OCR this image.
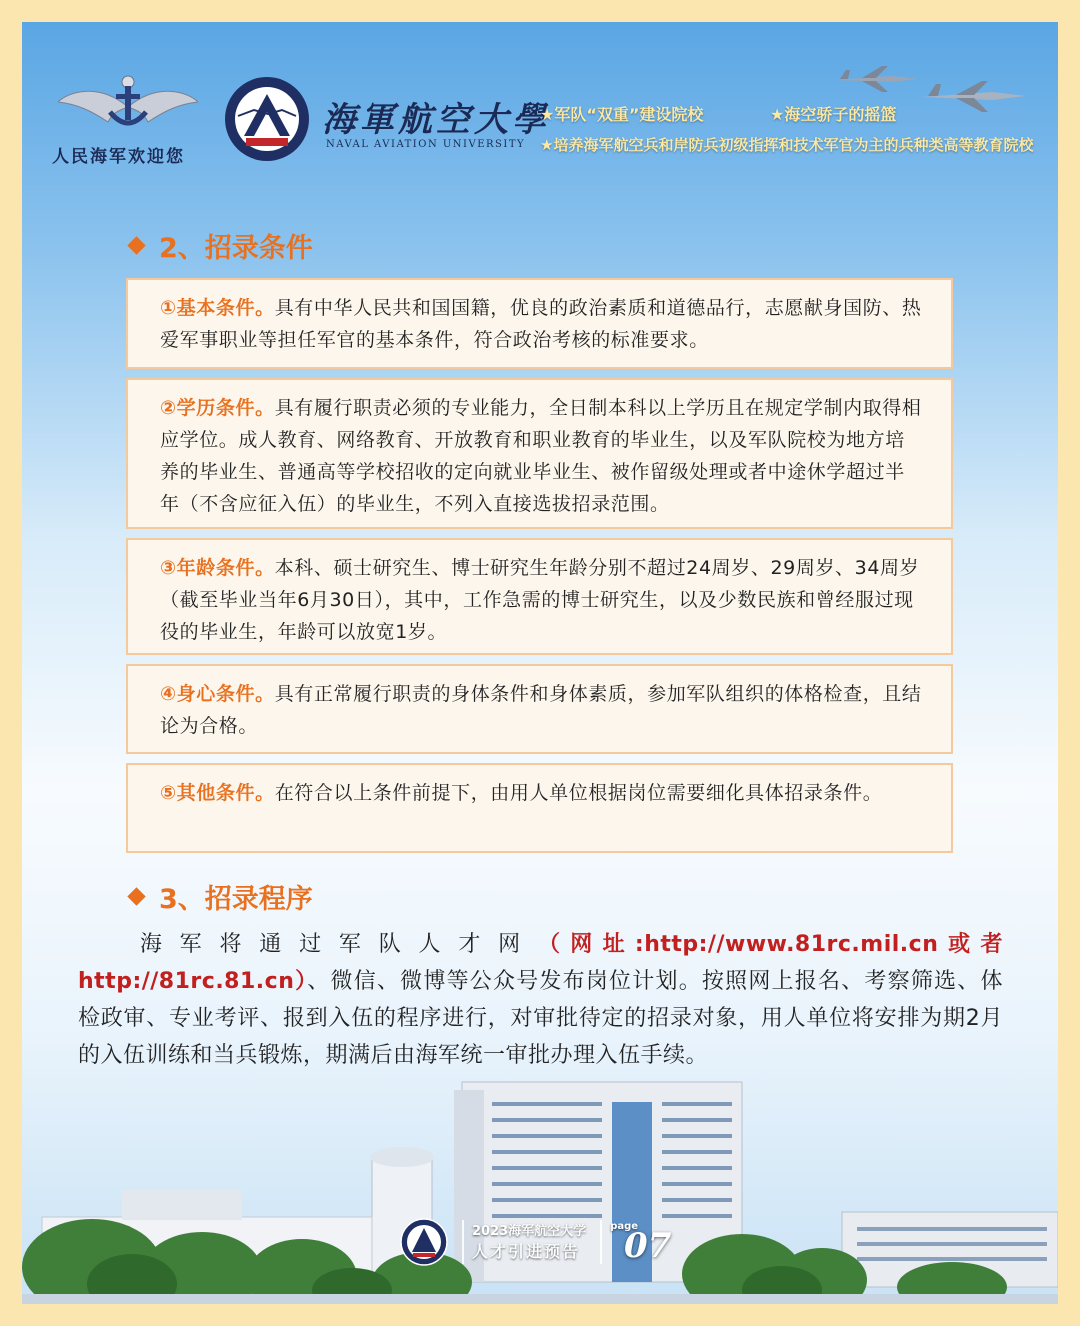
人民海军欢迎您
海軍航空大學
NAVAL AVIATION UNIVERSITY
★军队“双重”建设院校	★海空骄子的摇篮
★培养海军航空兵和岸防兵初级指挥和技术军官为主的兵种类高等教育院校
2、招录条件
①基本条件。具有中华人民共和国国籍，优良的政治素质和道德品行，志愿献身国防、热爱军事职业等担任军官的基本条件，符合政治考核的标准要求。
②学历条件。具有履行职责必须的专业能力，全日制本科以上学历且在规定学制内取得相应学位。成人教育、网络教育、开放教育和职业教育的毕业生，以及军队院校为地方培养的毕业生、普通高等学校招收的定向就业毕业生、被作留级处理或者中途休学超过半年（不含应征入伍）的毕业生，不列入直接选拔招录范围。
③年龄条件。本科、硕士研究生、博士研究生年龄分别不超过24周岁、29周岁、34周岁（截至毕业当年6月30日），其中，工作急需的博士研究生，以及少数民族和曾经服过现役的毕业生，年龄可以放宽1岁。
④身心条件。具有正常履行职责的身体条件和身体素质，参加军队组织的体格检查，且结论为合格。
⑤其他条件。在符合以上条件前提下，由用人单位根据岗位需要细化具体招录条件。
3、招录程序
海军将通过军队人才网（网址:http://www.81rc.mil.cn或者http://81rc.81.cn）、微信、微博等公众号发布岗位计划。按照网上报名、考察筛选、体检政审、专业考评、报到入伍的程序进行，对审批待定的招录对象，用人单位将安排为期2月的入伍训练和当兵锻炼，期满后由海军统一审批办理入伍手续。
2023海军航空大学
人才引进预告
page
07
